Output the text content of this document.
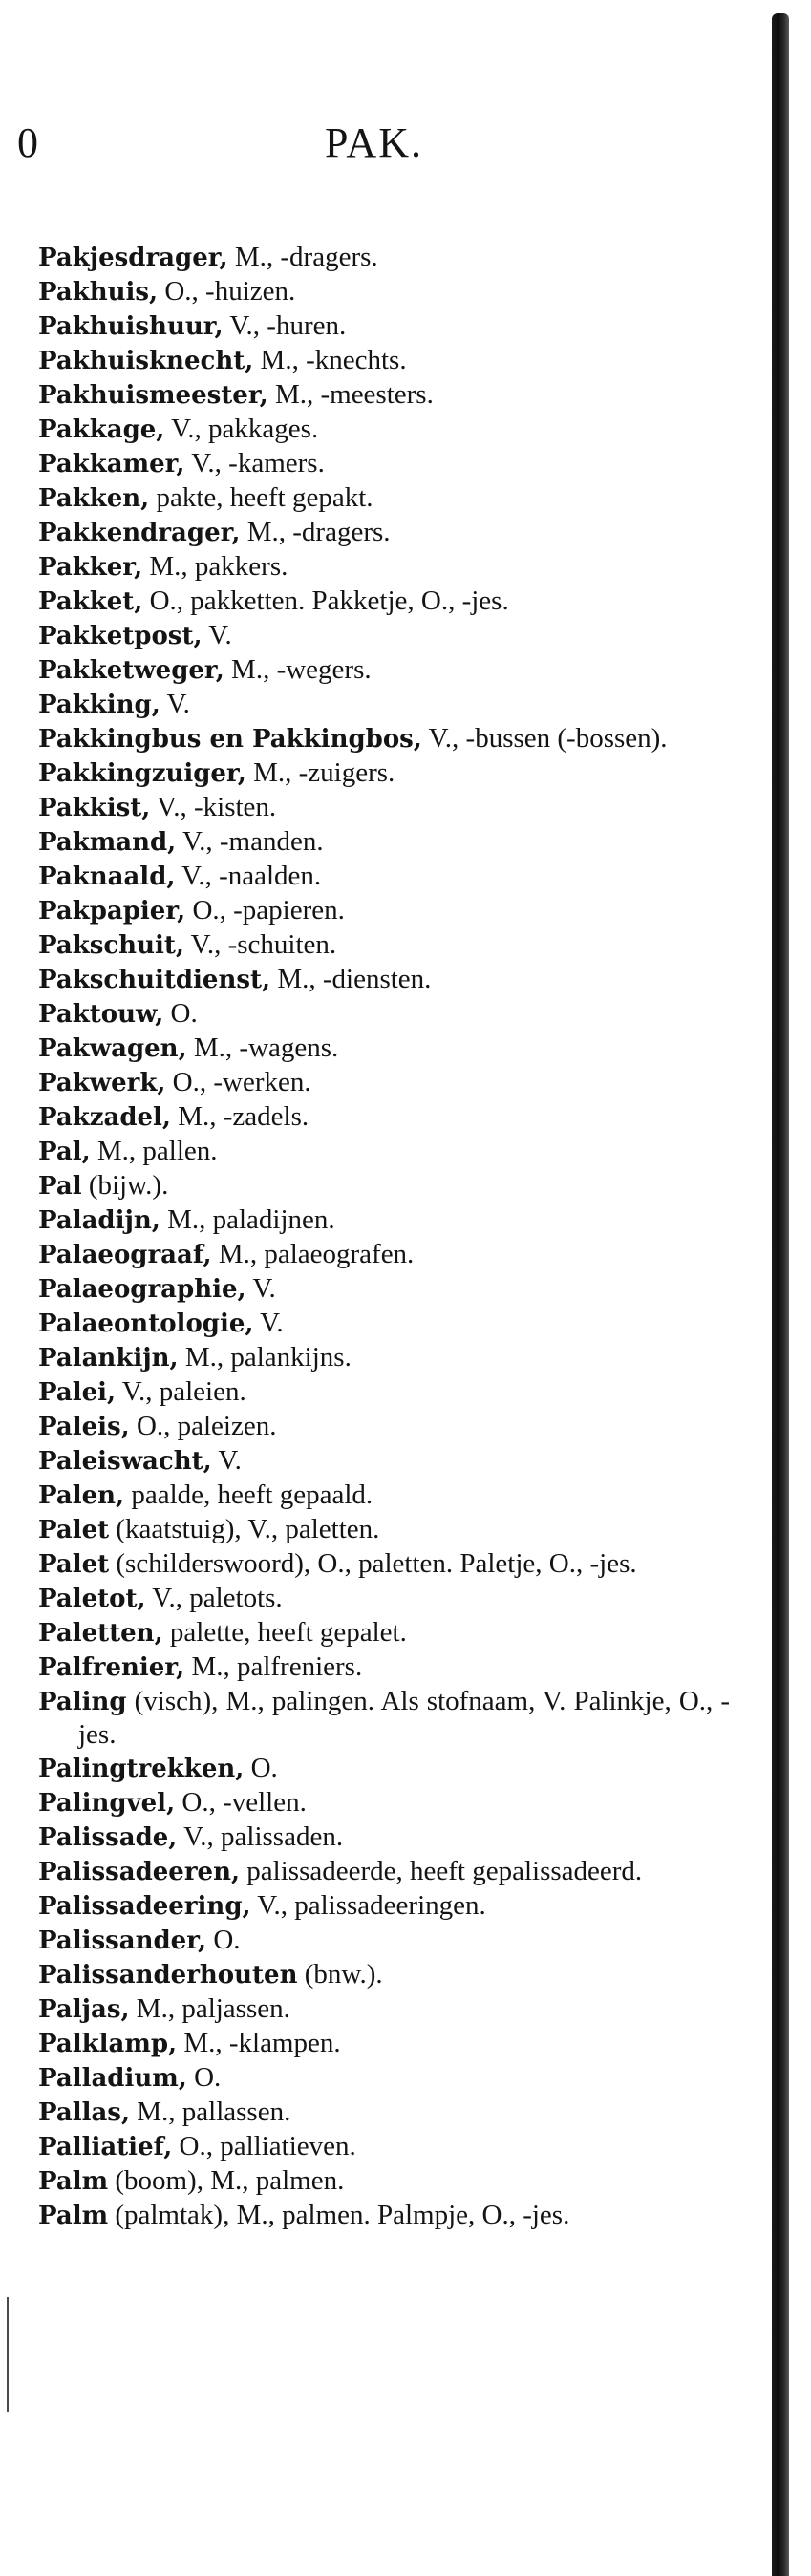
0	PAK.
Pakjesdrager, M., -dragers.
Pakhuis, O., -huizen.
Pakhuishuur, V., -huren.
Pakhuisknecht, M., -knechts.
Pakhuismeester, M., -meesters.
Pakkage, V., pakkages.
Pakkamer, V., -kamers.
Pakken, pakte, heeft gepakt.
Pakkendrager, M., -dragers.
Pakker, M., pakkers.
Pakket, O., pakketten. Pakketje, O., -jes.
Pakketpost, V.
Pakketweger, M., -wegers.
Pakking, V.
Pakkingbus en Pakkingbos, V., -bussen (-bossen).
Pakkingzuiger, M., -zuigers.
Pakkist, V., -kisten.
Pakmand, V., -manden.
Paknaald, V., -naalden.
Pakpapier, O., -papieren.
Pakschuit, V., -schuiten.
Pakschuitdienst, M., -diensten.
Paktouw, O.
Pakwagen, M., -wagens.
Pakwerk, O., -werken.
Pakzadel, M., -zadels.
Pal, M., pallen.
Pal (bijw.).
Paladijn, M., paladijnen.
Palaeograaf, M., palaeografen.
Palaeographie, V.
Palaeontologie, V.
Palankijn, M., palankijns.
Palei, V., paleien.
Paleis, O., paleizen.
Paleiswacht, V.
Palen, paalde, heeft gepaald.
Palet (kaatstuig), V., paletten.
Palet (schilderswoord), O., paletten. Paletje, O., -jes.
Paletot, V., paletots.
Paletten, palette, heeft gepalet.
Palfrenier, M., palfreniers.
Paling (visch), M., palingen. Als stofnaam, V. Palinkje, O., -jes.
Palingtrekken, O.
Palingvel, O., -vellen.
Palissade, V., palissaden.
Palissadeeren, palissadeerde, heeft gepalissadeerd.
Palissadeering, V., palissadeeringen.
Palissander, O.
Palissanderhouten (bnw.).
Paljas, M., paljassen.
Palklamp, M., -klampen.
Palladium, O.
Pallas, M., pallassen.
Palliatief, O., palliatieven.
Palm (boom), M., palmen.
Palm (palmtak), M., palmen. Palmpje, O., -jes.
